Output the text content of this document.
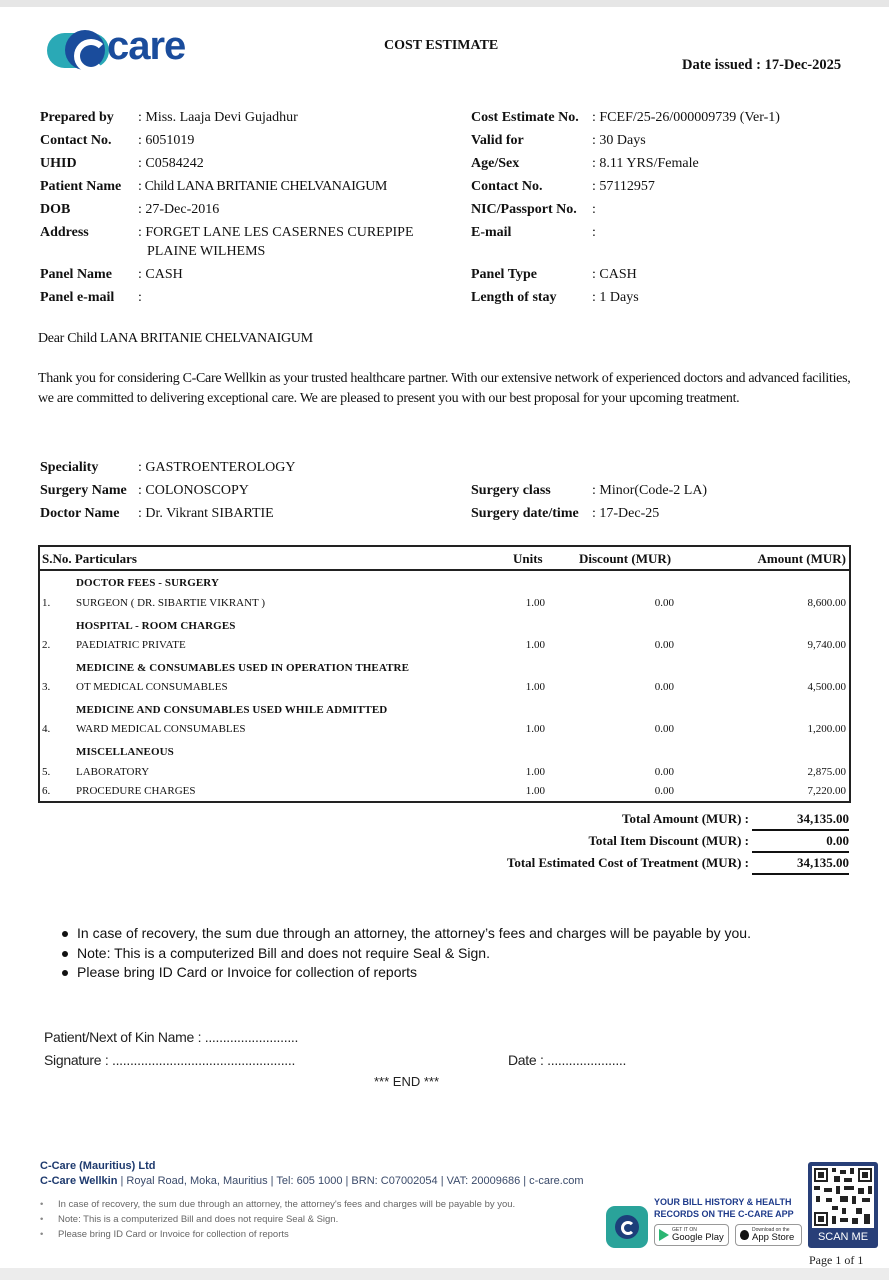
care	COST ESTIMATE
Date issued : 17-Dec-2025
Prepared by	: Miss. Laaja Devi Gujadhur
Contact No.	: 6051019
UHID	: C0584242
Patient Name	: Child LANA BRITANIE CHELVANAIGUM
DOB	: 27-Dec-2016
Address	: FORGET LANE LES CASERNES CUREPIPE
PLAINE WILHEMS
Panel Name	: CASH
Panel e-mail	:
Cost Estimate No. : FCEF/25-26/000009739 (Ver-1)
Valid for	: 30 Days
Age/Sex	: 8.11 YRS/Female
Contact No.	: 57112957
NIC/Passport No.	:
E-mail	:
Panel Type	: CASH
Length of stay	: 1 Days
Dear Child LANA BRITANIE CHELVANAIGUM
Thank you for considering C-Care Wellkin as your trusted healthcare partner. With our extensive network of experienced doctors and advanced facilities, we are committed to delivering exceptional care. We are pleased to present you with our best proposal for your upcoming treatment.
Speciality	: GASTROENTEROLOGY
Surgery Name : COLONOSCOPY
Doctor Name : Dr. Vikrant SIBARTIE
Surgery class	: Minor(Code-2 LA)
Surgery date/time : 17-Dec-25
S.No. Particulars	Units	Discount (MUR)	Amount (MUR)
DOCTOR FEES - SURGERY
1. SURGEON ( DR. SIBARTIE VIKRANT )	1.00	0.00	8,600.00
HOSPITAL - ROOM CHARGES
2. PAEDIATRIC PRIVATE	1.00	0.00	9,740.00
MEDICINE & CONSUMABLES USED IN OPERATION THEATRE
3. OT MEDICAL CONSUMABLES	1.00	0.00	4,500.00
MEDICINE AND CONSUMABLES USED WHILE ADMITTED
4. WARD MEDICAL CONSUMABLES	1.00	0.00	1,200.00
MISCELLANEOUS
5. LABORATORY	1.00	0.00	2,875.00
6. PROCEDURE CHARGES	1.00	0.00	7,220.00
Total Amount (MUR) :	34,135.00
Total Item Discount (MUR) :	0.00
Total Estimated Cost of Treatment (MUR) :	34,135.00
In case of recovery, the sum due through an attorney, the attorney’s fees and charges will be payable by you.
Note: This is a computerized Bill and does not require Seal & Sign.
Please bring ID Card or Invoice for collection of reports
Patient/Next of Kin Name : ..........................
Signature : ...................................................	Date : ......................
*** END ***
C-Care (Mauritius) Ltd
C-Care Wellkin | Royal Road, Moka, Mauritius | Tel: 605 1000 | BRN: C07002054 | VAT: 20009686 | c-care.com
• In case of recovery, the sum due through an attorney, the attorney's fees and charges will be payable by you.
• Note: This is a computerized Bill and does not require Seal & Sign.
• Please bring ID Card or Invoice for collection of reports
YOUR BILL HISTORY & HEALTH
RECORDS ON THE C-CARE APP
GET IT ON
Google Play
Download on the
App Store	SCAN ME
Page 1 of 1
